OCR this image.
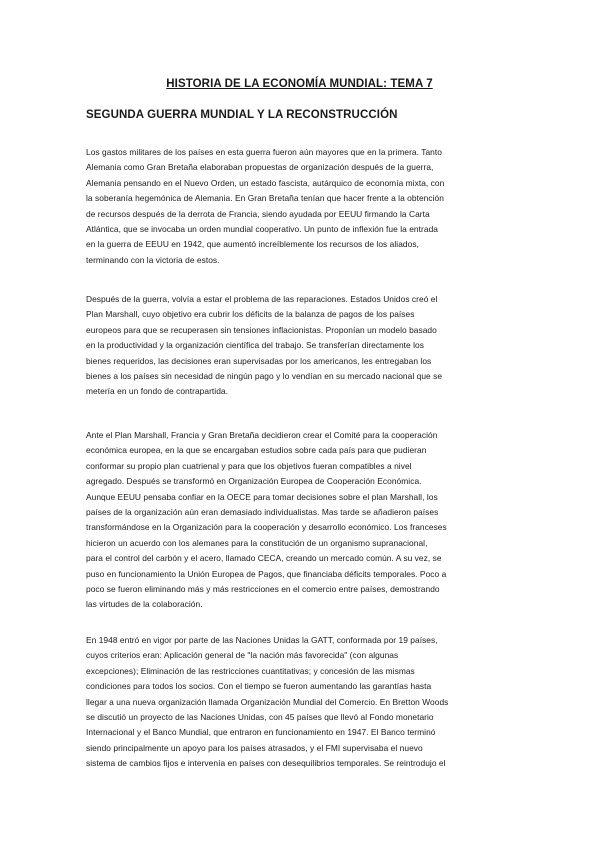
HISTORIA DE LA ECONOMÍA MUNDIAL: TEMA 7
SEGUNDA GUERRA MUNDIAL Y LA RECONSTRUCCIÓN
Los gastos militares de los países en esta guerra fueron aún mayores que en la primera. Tanto
Alemania como Gran Bretaña elaboraban propuestas de organización después de la guerra,
Alemania pensando en el Nuevo Orden, un estado fascista, autárquico de economía mixta, con
la soberanía hegemónica de Alemania. En Gran Bretaña tenían que hacer frente a la obtención
de recursos después de la derrota de Francia, siendo ayudada por EEUU firmando la Carta
Atlántica, que se invocaba un orden mundial cooperativo. Un punto de inflexión fue la entrada
en la guerra de EEUU en 1942, que aumentó increíblemente los recursos de los aliados,
terminando con la victoria de estos.
Después de la guerra, volvía a estar el problema de las reparaciones. Estados Unidos creó el
Plan Marshall, cuyo objetivo era cubrir los déficits de la balanza de pagos de los países
europeos para que se recuperasen sin tensiones inflacionistas. Proponían un modelo basado
en la productividad y la organización científica del trabajo. Se transferían directamente los
bienes requeridos, las decisiones eran supervisadas por los americanos, les entregaban los
bienes a los países sin necesidad de ningún pago y lo vendían en su mercado nacional que se
metería en un fondo de contrapartida.
Ante el Plan Marshall, Francia y Gran Bretaña decidieron crear el Comité para la cooperación
económica europea, en la que se encargaban estudios sobre cada país para que pudieran
conformar su propio plan cuatrienal y para que los objetivos fueran compatibles a nivel
agregado. Después se transformó en Organización Europea de Cooperación Económica.
Aunque EEUU pensaba confiar en la OECE para tomar decisiones sobre el plan Marshall, los
países de la organización aún eran demasiado individualistas. Mas tarde se añadieron países
transformándose en la Organización para la cooperación y desarrollo económico. Los franceses
hicieron un acuerdo con los alemanes para la constitución de un organismo supranacional,
para el control del carbón y el acero, llamado CECA, creando un mercado común. A su vez, se
puso en funcionamiento la Unión Europea de Pagos, que financiaba déficits temporales. Poco a
poco se fueron eliminando más y más restricciones en el comercio entre países, demostrando
las virtudes de la colaboración.
En 1948 entró en vigor por parte de las Naciones Unidas la GATT, conformada por 19 países,
cuyos criterios eran: Aplicación general de "la nación más favorecida" (con algunas
excepciones); Eliminación de las restricciones cuantitativas; y concesión de las mismas
condiciones para todos los socios. Con el tiempo se fueron aumentando las garantías hasta
llegar a una nueva organización llamada Organización Mundial del Comercio. En Bretton Woods
se discutió un proyecto de las Naciones Unidas, con 45 países que llevó al Fondo monetario
Internacional y el Banco Mundial, que entraron en funcionamiento en 1947. El Banco terminó
siendo principalmente un apoyo para los países atrasados, y el FMI supervisaba el nuevo
sistema de cambios fijos e intervenía en países con desequilibrios temporales. Se reintrodujo el
